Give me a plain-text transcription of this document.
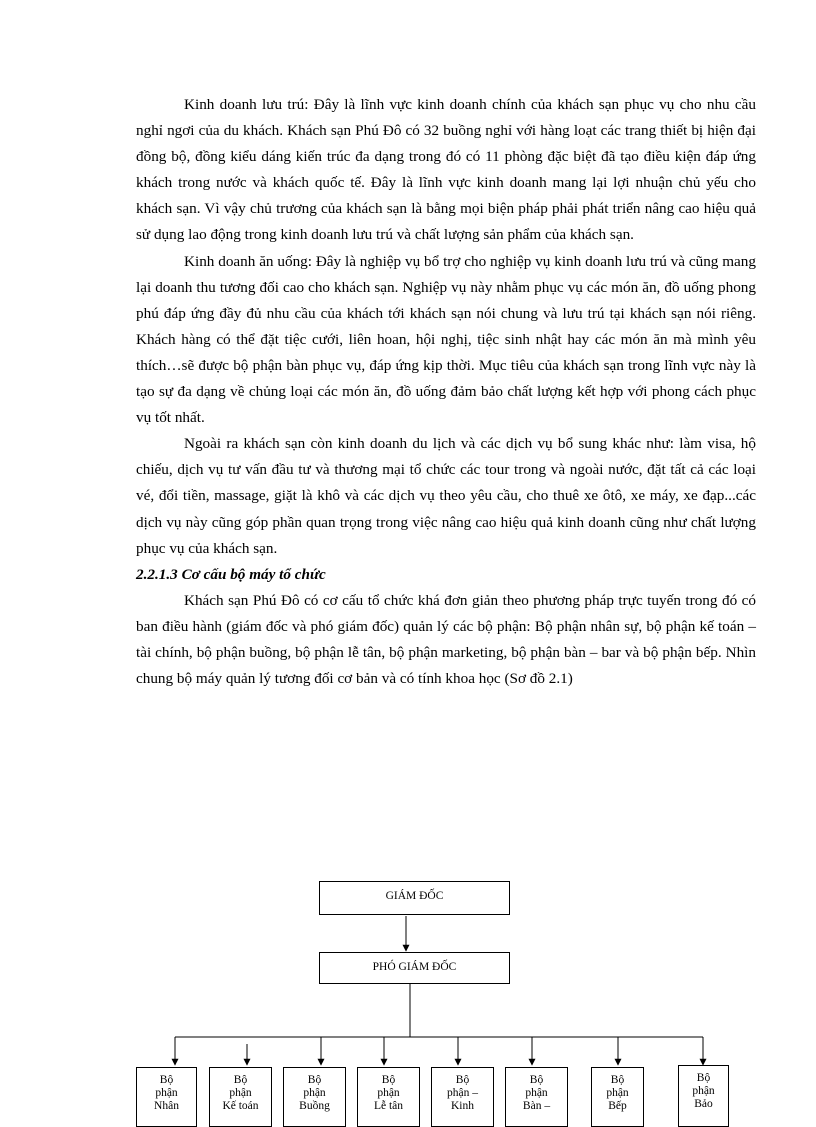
Kinh doanh lưu trú: Đây là lĩnh vực kinh doanh chính của khách sạn phục vụ cho nhu cầu nghỉ ngơi của du khách. Khách sạn Phú Đô có 32 buồng nghỉ với hàng loạt các trang thiết bị hiện đại đồng bộ, đồng kiểu dáng kiến trúc đa dạng trong đó có 11 phòng đặc biệt đã tạo điều kiện đáp ứng khách trong nước và khách quốc tế. Đây là lĩnh vực kinh doanh mang lại lợi nhuận chủ yếu cho khách sạn. Vì vậy chủ trương của khách sạn là bằng mọi biện pháp phải phát triển nâng cao hiệu quả sử dụng lao động trong kinh doanh lưu trú và chất lượng sản phẩm của khách sạn.

Kinh doanh ăn uống: Đây là nghiệp vụ bổ trợ cho nghiệp vụ kinh doanh lưu trú và cũng mang lại doanh thu tương đối cao cho khách sạn. Nghiệp vụ này nhằm phục vụ các món ăn, đồ uống phong phú đáp ứng đầy đủ nhu cầu của khách tới khách sạn nói chung và lưu trú tại khách sạn nói riêng. Khách hàng có thể đặt tiệc cưới, liên hoan, hội nghị, tiệc sinh nhật hay các món ăn mà mình yêu thích…sẽ được bộ phận bàn phục vụ, đáp ứng kịp thời. Mục tiêu của khách sạn trong lĩnh vực này là tạo sự đa dạng về chủng loại các món ăn, đồ uống đảm bảo chất lượng kết hợp với phong cách phục vụ tốt nhất.

Ngoài ra khách sạn còn kinh doanh du lịch và các dịch vụ bổ sung khác như: làm visa, hộ chiếu, dịch vụ tư vấn đầu tư và thương mại tổ chức các tour trong và ngoài nước, đặt tất cả các loại vé, đổi tiền, massage, giặt là khô và các dịch vụ theo yêu cầu, cho thuê xe ôtô, xe máy, xe đạp...các dịch vụ này cũng góp phần quan trọng trong việc nâng cao hiệu quả kinh doanh cũng như chất lượng phục vụ của khách sạn.

2.2.1.3 Cơ cấu bộ máy tổ chức

Khách sạn Phú Đô có cơ cấu tổ chức khá đơn giản theo phương pháp trực tuyến trong đó có ban điều hành (giám đốc và phó giám đốc) quản lý các bộ phận: Bộ phận nhân sự, bộ phận kế toán – tài chính, bộ phận buồng, bộ phận lễ tân, bộ phận marketing, bộ phận bàn – bar và bộ phận bếp. Nhìn chung bộ máy quản lý tương đối cơ bản và có tính khoa học (Sơ đồ 2.1)

GIÁM ĐỐC
PHÓ GIÁM ĐỐC
Bộ
phận
Nhân
Bộ
phận
Kế toán
Bộ
phận
Buồng
Bộ
phận
Lễ tân
Bộ
phận –
Kinh
Bộ
phận
Bàn –
Bộ
phận
Bếp
Bộ
phận
Bảo
